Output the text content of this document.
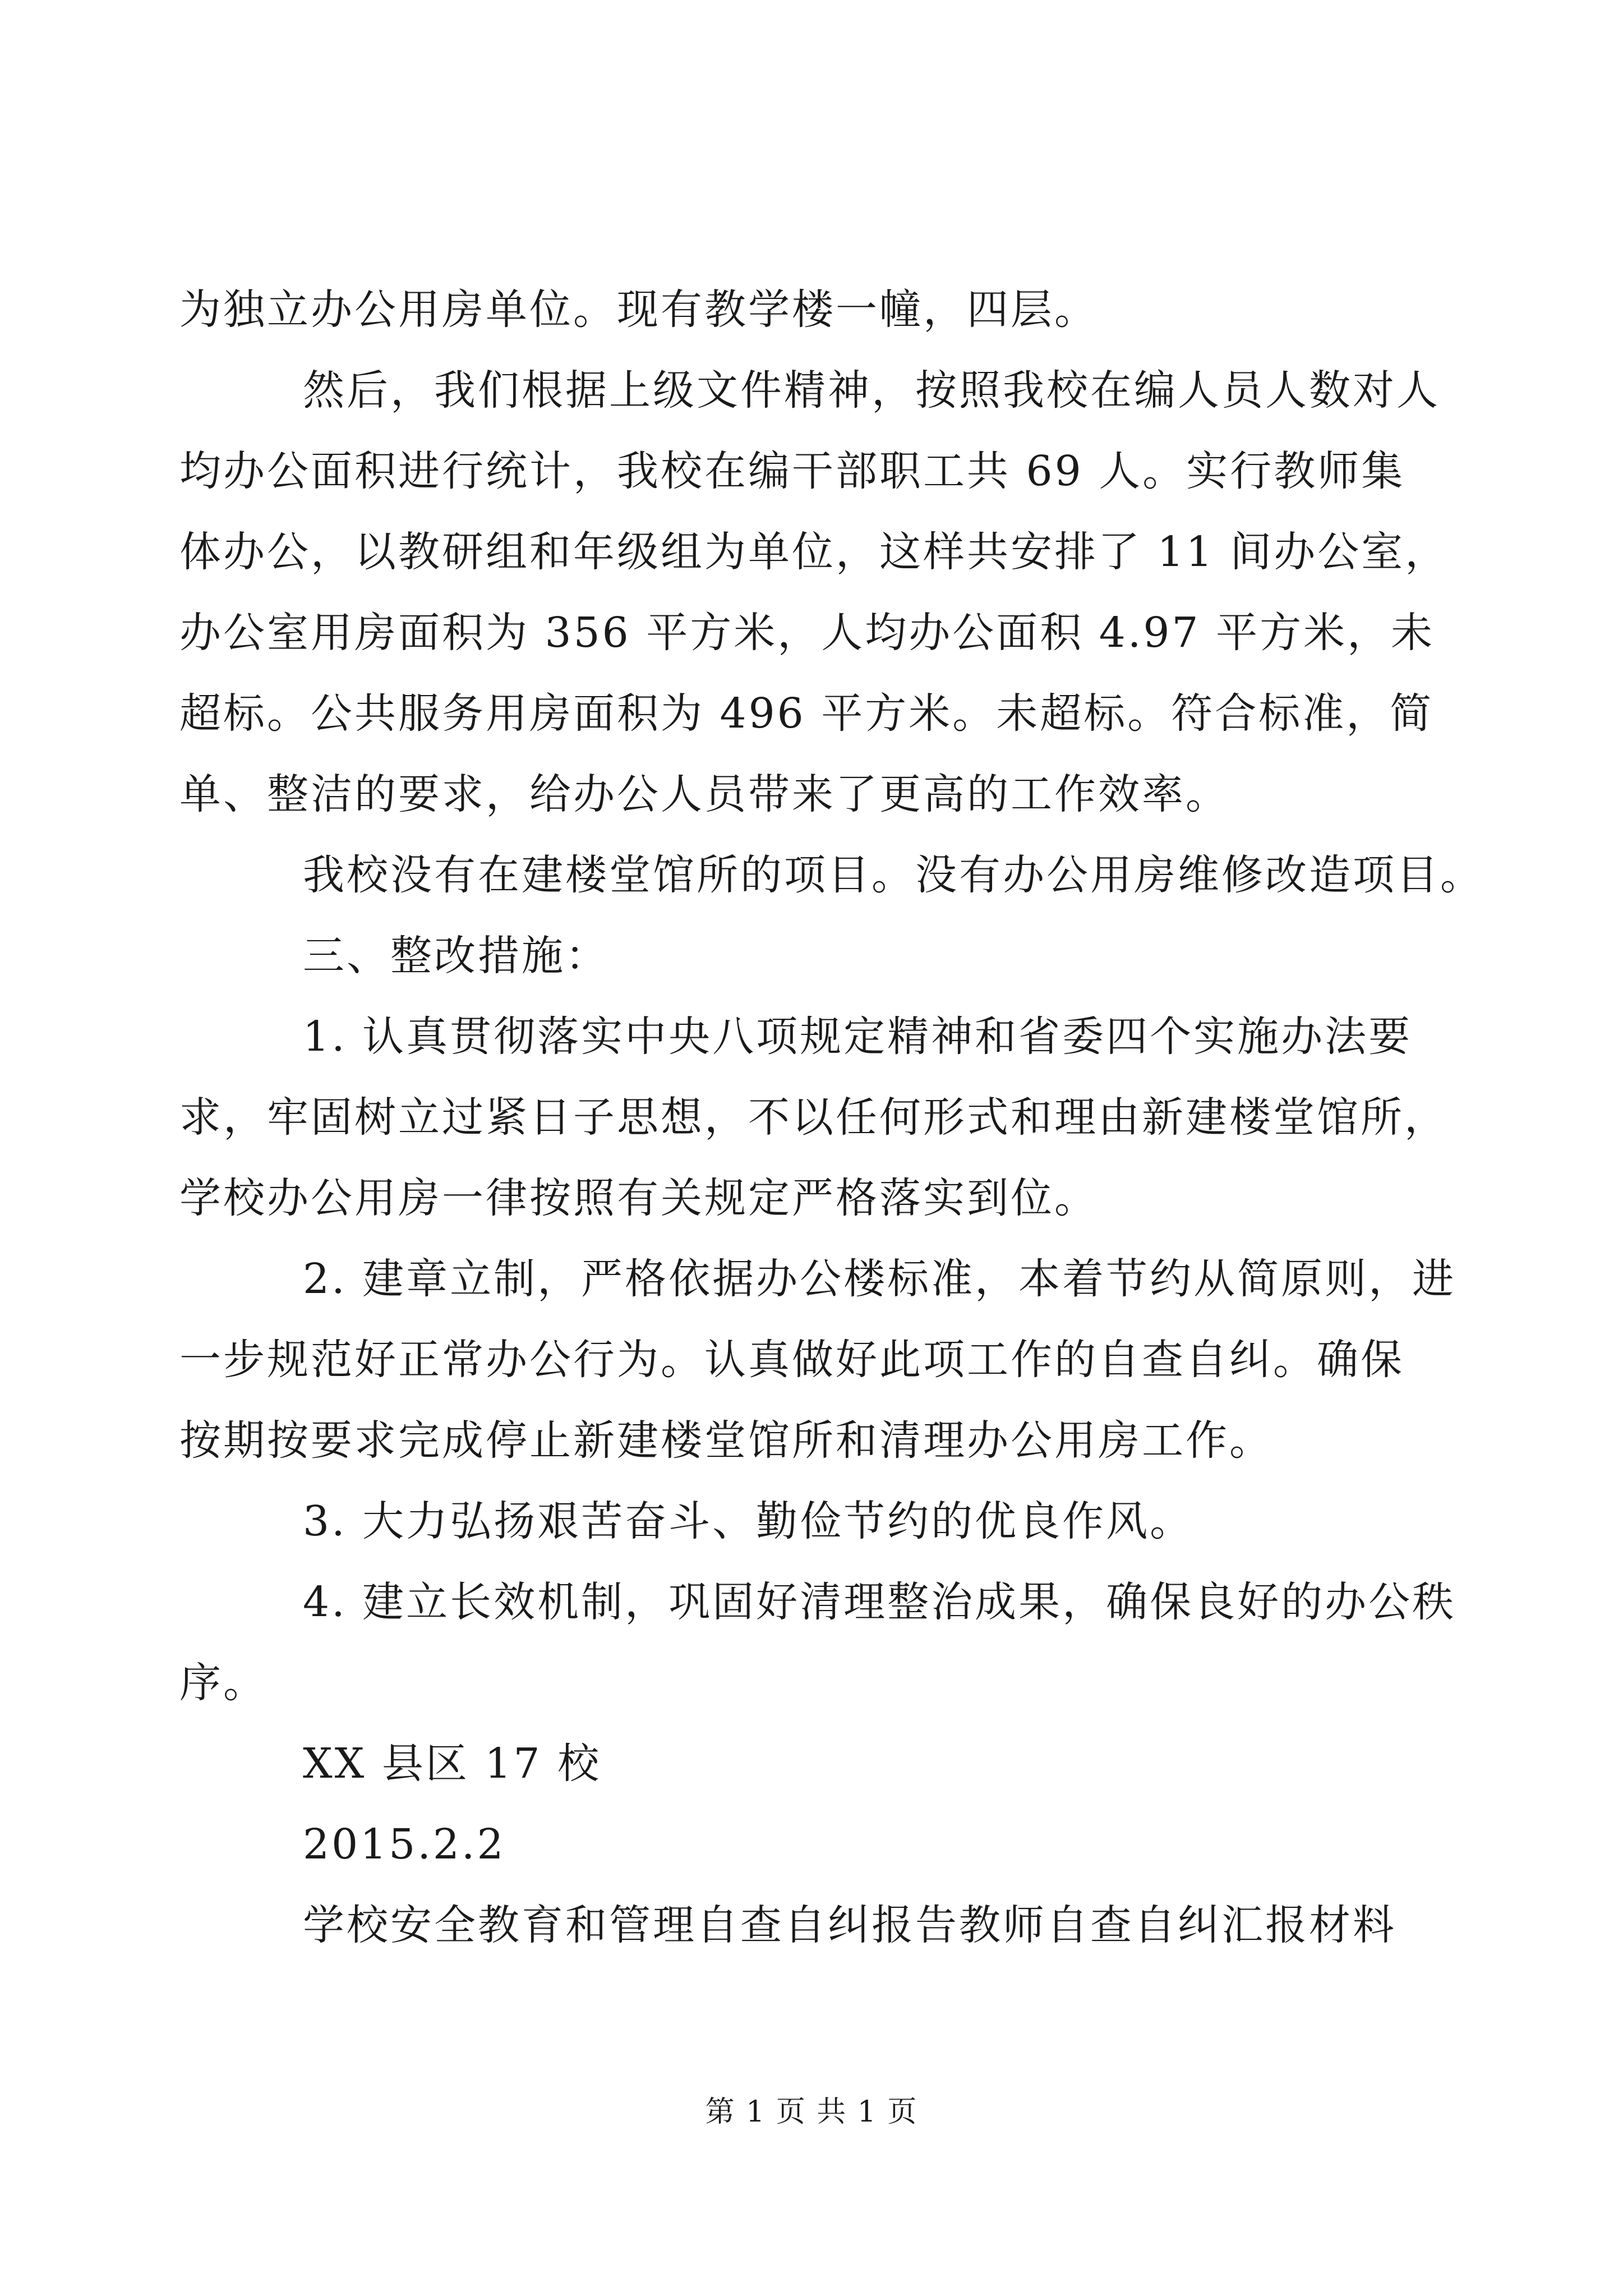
为独立办公用房单位。现有教学楼一幢，四层。
然后，我们根据上级文件精神，按照我校在编人员人数对人
均办公面积进行统计，我校在编干部职工共 69 人。实行教师集
体办公，以教研组和年级组为单位，这样共安排了 11 间办公室，
办公室用房面积为 356 平方米，人均办公面积 4.97 平方米，未
超标。公共服务用房面积为 496 平方米。未超标。符合标准，简
单、整洁的要求，给办公人员带来了更高的工作效率。
我校没有在建楼堂馆所的项目。没有办公用房维修改造项目。
三、整改措施：
1. 认真贯彻落实中央八项规定精神和省委四个实施办法要
求，牢固树立过紧日子思想，不以任何形式和理由新建楼堂馆所，
学校办公用房一律按照有关规定严格落实到位。
2. 建章立制，严格依据办公楼标准，本着节约从简原则，进
一步规范好正常办公行为。认真做好此项工作的自查自纠。确保
按期按要求完成停止新建楼堂馆所和清理办公用房工作。
3. 大力弘扬艰苦奋斗、勤俭节约的优良作风。
4. 建立长效机制，巩固好清理整治成果，确保良好的办公秩
序。
XX 县区 17 校
2015.2.2
学校安全教育和管理自查自纠报告教师自查自纠汇报材料
第 1 页 共 1 页
